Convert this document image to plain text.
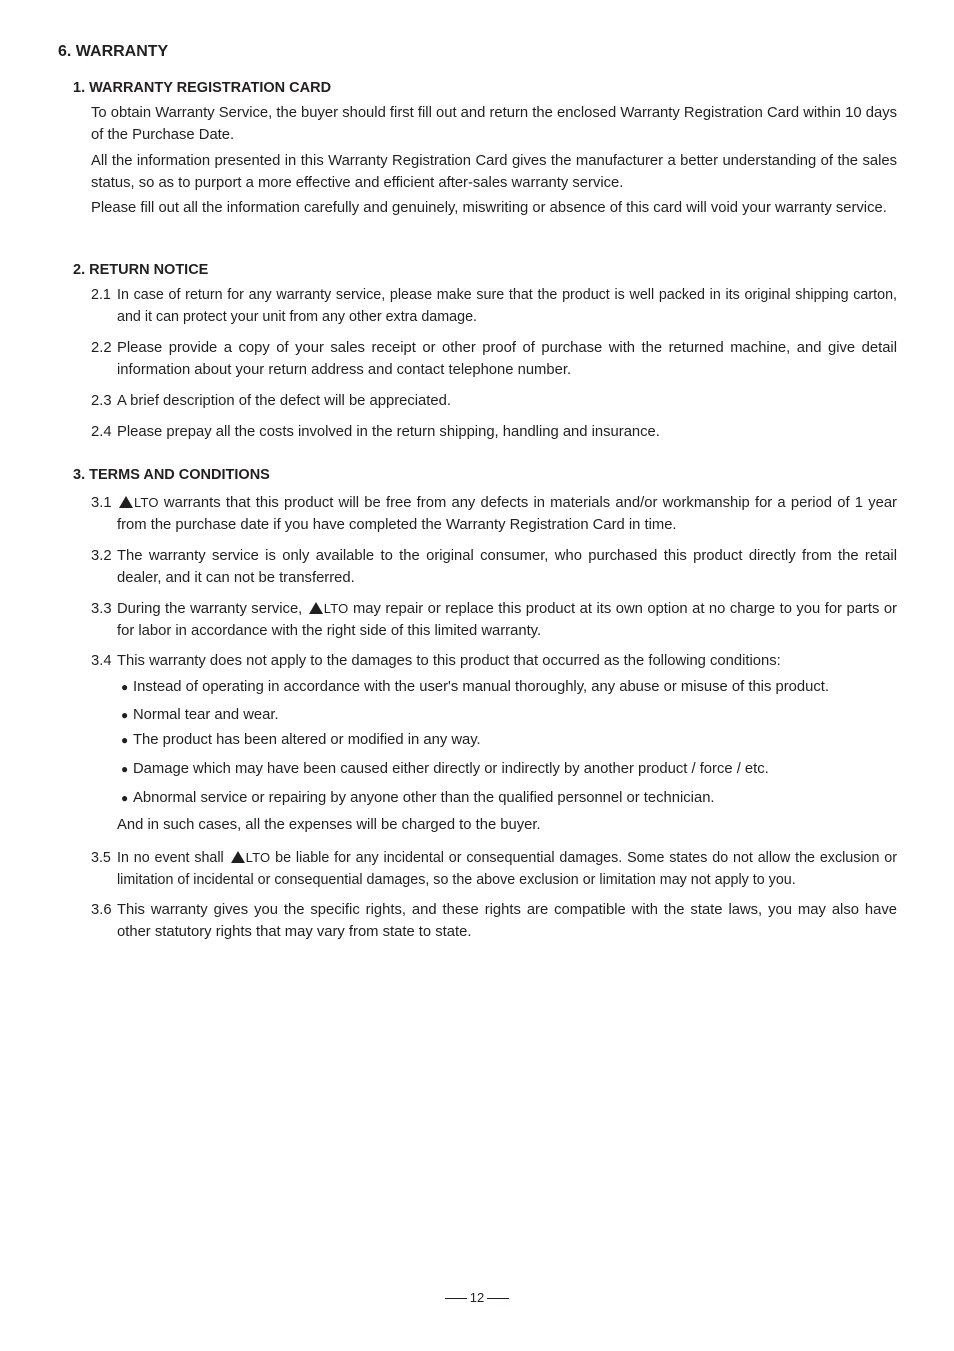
6. WARRANTY
1. WARRANTY REGISTRATION CARD
To obtain Warranty Service, the buyer should first fill out and return the enclosed Warranty Registration Card within 10 days of the Purchase Date.
All the information presented in this Warranty Registration Card gives the manufacturer a better understanding of the sales status, so as to purport a more effective and efficient after-sales warranty service.
Please fill out all the information carefully and genuinely, miswriting or absence of this card will void your warranty service.
2. RETURN NOTICE
2.1 In case of return for any warranty service, please make sure that the product is well packed in its original shipping carton, and it can protect your unit from any other extra damage.
2.2 Please provide a copy of your sales receipt or other proof of purchase with the returned machine, and give detail information about your return address and contact telephone number.
2.3 A brief description of the defect will be appreciated.
2.4 Please prepay all the costs involved in the return shipping, handling and insurance.
3. TERMS AND CONDITIONS
3.1 LTO warrants that this product will be free from any defects in materials and/or workmanship for a period of 1 year from the purchase date if you have completed the Warranty Registration Card in time.
3.2 The warranty service is only available to the original consumer, who purchased this product directly from the retail dealer, and it can not be transferred.
3.3 During the warranty service, LTO may repair or replace this product at its own option at no charge to you for parts or for labor in accordance with the right side of this limited warranty.
3.4 This warranty does not apply to the damages to this product that occurred as the following conditions:
● Instead of operating in accordance with the user's manual thoroughly, any abuse or misuse of this product.
● Normal tear and wear.
● The product has been altered or modified in any way.
● Damage which may have been caused either directly or indirectly by another product / force / etc.
● Abnormal service or repairing by anyone other than the qualified personnel or technician.
And in such cases, all the expenses will be charged to the buyer.
3.5 In no event shall LTO be liable for any incidental or consequential damages. Some states do not allow the exclusion or limitation of incidental or consequential damages, so the above exclusion or limitation may not apply to you.
3.6 This warranty gives you the specific rights, and these rights are compatible with the state laws, you may also have other statutory rights that may vary from state to state.
12
